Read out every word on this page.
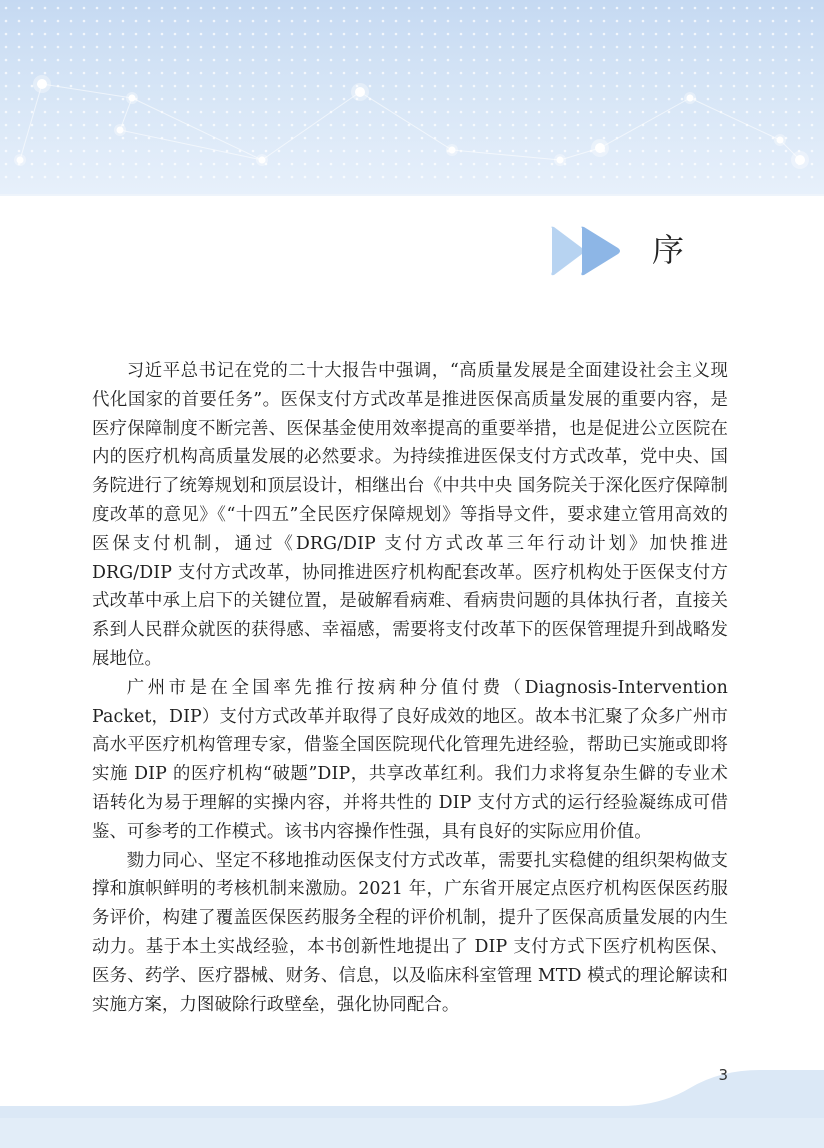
序

习近平总书记在党的二十大报告中强调，“高质量发展是全面建设社会主义现代化国家的首要任务”。医保支付方式改革是推进医保高质量发展的重要内容，是医疗保障制度不断完善、医保基金使用效率提高的重要举措，也是促进公立医院在内的医疗机构高质量发展的必然要求。为持续推进医保支付方式改革，党中央、国务院进行了统筹规划和顶层设计，相继出台《中共中央 国务院关于深化医疗保障制度改革的意见》《“十四五”全民医疗保障规划》等指导文件，要求建立管用高效的医保支付机制，通过《DRG/DIP 支付方式改革三年行动计划》加快推进 DRG/DIP 支付方式改革，协同推进医疗机构配套改革。医疗机构处于医保支付方式改革中承上启下的关键位置，是破解看病难、看病贵问题的具体执行者，直接关系到人民群众就医的获得感、幸福感，需要将支付改革下的医保管理提升到战略发展地位。

广州市是在全国率先推行按病种分值付费（Diagnosis-Intervention Packet，DIP）支付方式改革并取得了良好成效的地区。故本书汇聚了众多广州市高水平医疗机构管理专家，借鉴全国医院现代化管理先进经验，帮助已实施或即将实施 DIP 的医疗机构“破题”DIP，共享改革红利。我们力求将复杂生僻的专业术语转化为易于理解的实操内容，并将共性的 DIP 支付方式的运行经验凝练成可借鉴、可参考的工作模式。该书内容操作性强，具有良好的实际应用价值。

勠力同心、坚定不移地推动医保支付方式改革，需要扎实稳健的组织架构做支撑和旗帜鲜明的考核机制来激励。2021 年，广东省开展定点医疗机构医保医药服务评价，构建了覆盖医保医药服务全程的评价机制，提升了医保高质量发展的内生动力。基于本土实战经验，本书创新性地提出了 DIP 支付方式下医疗机构医保、医务、药学、医疗器械、财务、信息，以及临床科室管理 MTD 模式的理论解读和实施方案，力图破除行政壁垒，强化协同配合。

3
